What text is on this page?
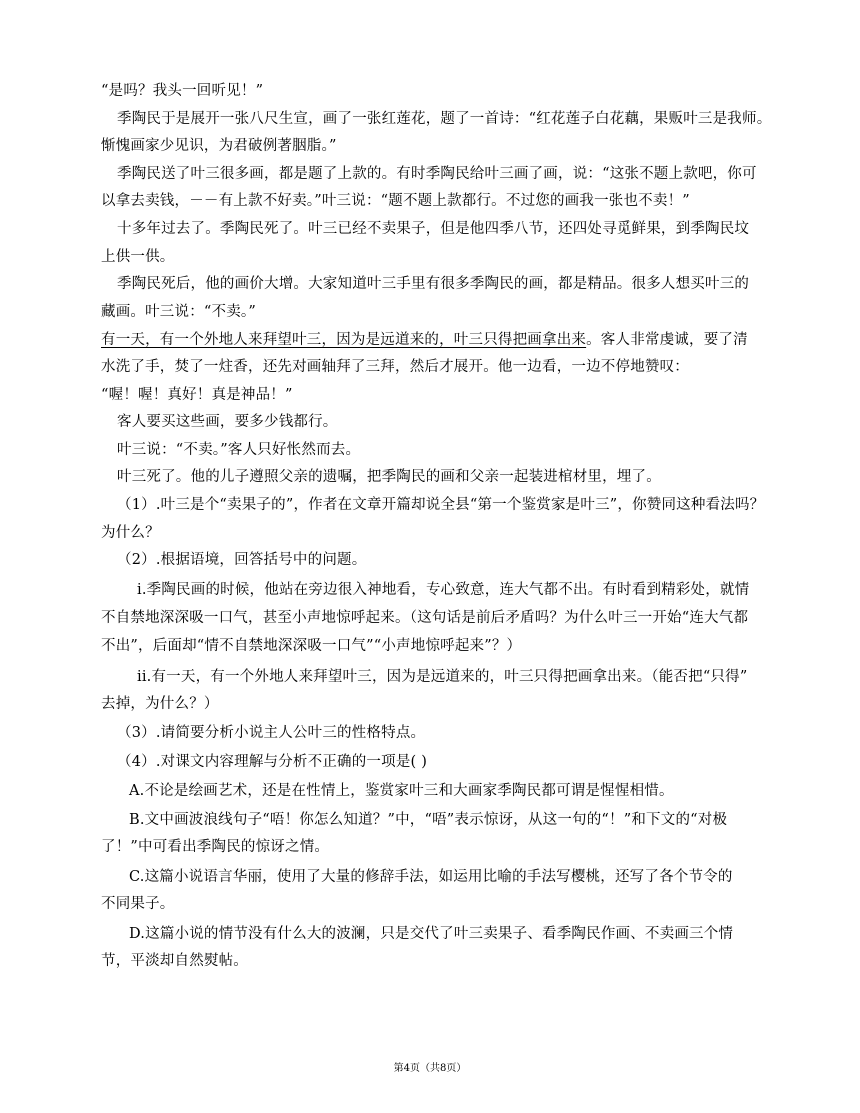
“是吗？我头一回听见！”
季陶民于是展开一张八尺生宣，画了一张红莲花，题了一首诗：“红花莲子白花藕，果贩叶三是我师。
惭愧画家少见识，为君破例著胭脂。”
季陶民送了叶三很多画，都是题了上款的。有时季陶民给叶三画了画，说：“这张不题上款吧，你可
以拿去卖钱，－－有上款不好卖。”叶三说：“题不题上款都行。不过您的画我一张也不卖！”
十多年过去了。季陶民死了。叶三已经不卖果子，但是他四季八节，还四处寻觅鲜果，到季陶民坟
上供一供。
季陶民死后，他的画价大增。大家知道叶三手里有很多季陶民的画，都是精品。很多人想买叶三的
藏画。叶三说：“不卖。”
有一天，有一个外地人来拜望叶三，因为是远道来的，叶三只得把画拿出来。客人非常虔诚，要了清
水洗了手，焚了一炷香，还先对画轴拜了三拜，然后才展开。他一边看，一边不停地赞叹：
“喔！喔！真好！真是神品！”
客人要买这些画，要多少钱都行。
叶三说：“不卖。”客人只好怅然而去。
叶三死了。他的儿子遵照父亲的遗嘱，把季陶民的画和父亲一起装进棺材里，埋了。
（1）.叶三是个“卖果子的”，作者在文章开篇却说全县“第一个鉴赏家是叶三”，你赞同这种看法吗？
为什么？
（2）.根据语境，回答括号中的问题。
i.季陶民画的时候，他站在旁边很入神地看，专心致意，连大气都不出。有时看到精彩处，就情
不自禁地深深吸一口气，甚至小声地惊呼起来。（这句话是前后矛盾吗？为什么叶三一开始“连大气都
不出”，后面却“情不自禁地深深吸一口气”“小声地惊呼起来”？）
ii.有一天，有一个外地人来拜望叶三，因为是远道来的，叶三只得把画拿出来。（能否把“只得”
去掉，为什么？）
（3）.请简要分析小说主人公叶三的性格特点。
（4）.对课文内容理解与分析不正确的一项是( )
A.不论是绘画艺术，还是在性情上，鉴赏家叶三和大画家季陶民都可谓是惺惺相惜。
B.文中画波浪线句子“唔！你怎么知道？”中，“唔”表示惊讶，从这一句的“！”和下文的“对极
了！”中可看出季陶民的惊讶之情。
C.这篇小说语言华丽，使用了大量的修辞手法，如运用比喻的手法写樱桃，还写了各个节令的
不同果子。
D.这篇小说的情节没有什么大的波澜，只是交代了叶三卖果子、看季陶民作画、不卖画三个情
节，平淡却自然熨帖。
第4页（共8页）
